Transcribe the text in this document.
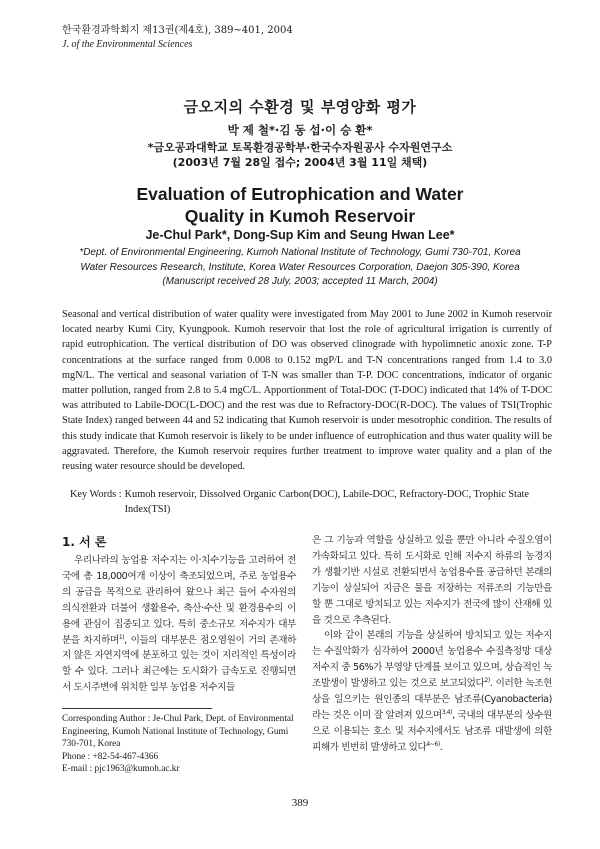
한국환경과학회지 제13권(제4호), 389~401, 2004
J. of the Environmental Sciences
금오지의 수환경 및 부영양화 평가
박 제 철*·김 동 섭·이 승 환*
*금오공과대학교 토목환경공학부·한국수자원공사 수자원연구소
(2003년 7월 28일 접수; 2004년 3월 11일 채택)
Evaluation of Eutrophication and Water
Quality in Kumoh Reservoir
Je-Chul Park*, Dong-Sup Kim and Seung Hwan Lee*
*Dept. of Environmental Engineering, Kumoh National Institute of Technology, Gumi 730-701, Korea
Water Resources Research, Institute, Korea Water Resources Corporation, Daejon 305-390, Korea
(Manuscript received 28 July, 2003; accepted 11 March, 2004)
Seasonal and vertical distribution of water quality were investigated from May 2001 to June 2002 in Kumoh reservoir located nearby Kumi City, Kyungpook. Kumoh reservoir that lost the role of agricultural irrigation is currently of rapid eutrophication. The vertical distribution of DO was observed clinograde with hypolimnetic anoxic zone. T-P concentrations at the surface ranged from 0.008 to 0.152 mgP/L and T-N concentrations ranged from 1.4 to 3.0 mgN/L. The vertical and seasonal variation of T-N was smaller than T-P. DOC concentrations, indicator of organic matter pollution, ranged from 2.8 to 5.4 mgC/L. Apportionment of Total-DOC (T-DOC) indicated that 14% of T-DOC was attributed to Labile-DOC(L-DOC) and the rest was due to Refractory-DOC(R-DOC). The values of TSI(Trophic State Index) ranged between 44 and 52 indicating that Kumoh reservoir is under mesotrophic condition. The results of this study indicate that Kumoh reservoir is likely to be under influence of eutrophication and thus water quality will be aggravated. Therefore, the Kumoh reservoir requires further treatment to improve water quality and a plan of the reusing water resource should be developed.
Key Words : Kumoh reservoir, Dissolved Organic Carbon(DOC), Labile-DOC, Refractory-DOC, Trophic State Index(TSI)
1. 서 론

우리나라의 농업용 저수지는 이·치수기능을 고려하여 전국에 총 18,000여개 이상이 축조되었으며, 주로 농업용수의 공급을 목적으로 관리하여 왔으나 최근 들어 수자원의 의식전환과 더불어 생활용수, 축산·수산 및 환경용수의 이용에 관심이 집중되고 있다. 특히 중소규모 저수지가 대부분을 차지하며$^{1)}$, 이들의 대부분은 점오염원이 거의 존재하지 않은 자연지역에 분포하고 있는 것이 지리적인 특성이라 할 수 있다. 그러나 최근에는 도시화가 급속도로 진행되면서 도시주변에 위치한 일부 농업용 저수지들

은 그 기능과 역할을 상실하고 있을 뿐만 아니라 수질오염이 가속화되고 있다. 특히 도시화로 인해 저수지 하류의 농경지가 생활기반 시설로 전환되면서 농업용수를 공급하던 본래의 기능이 상실되어 지금은 물을 저장하는 저류조의 기능만을 할 뿐 그대로 방치되고 있는 저수지가 전국에 많이 산재해 있을 것으로 추측된다.

이와 같이 본래의 기능을 상실하여 방치되고 있는 저수지는 수질악화가 심각하여 2000년 농업용수 수질측정망 대상 저수지 중 56%가 부영양 단계를 보이고 있으며, 상습적인 녹조발생이 발생하고 있는 것으로 보고되었다$^{2)}$. 이러한 녹조현상을 일으키는 원인종의 대부분은 남조류(Cyanobacteria)라는 것은 이미 잘 알려져 있으며$^{3,4)}$, 국내의 대부분의 상수원으로 이용되는 호소 및 저수지에서도 남조류 대발생에 의한 피해가 빈번히 발생하고 있다$^{4\sim 6)}$.

Corresponding Author : Je-Chul Park, Dept. of Environmental Engineering, Kumoh National Institute of Technology, Gumi 730-701, Korea
Phone : +82-54-467-4366
E-mail : pjc1963@kumoh.ac.kr
389
